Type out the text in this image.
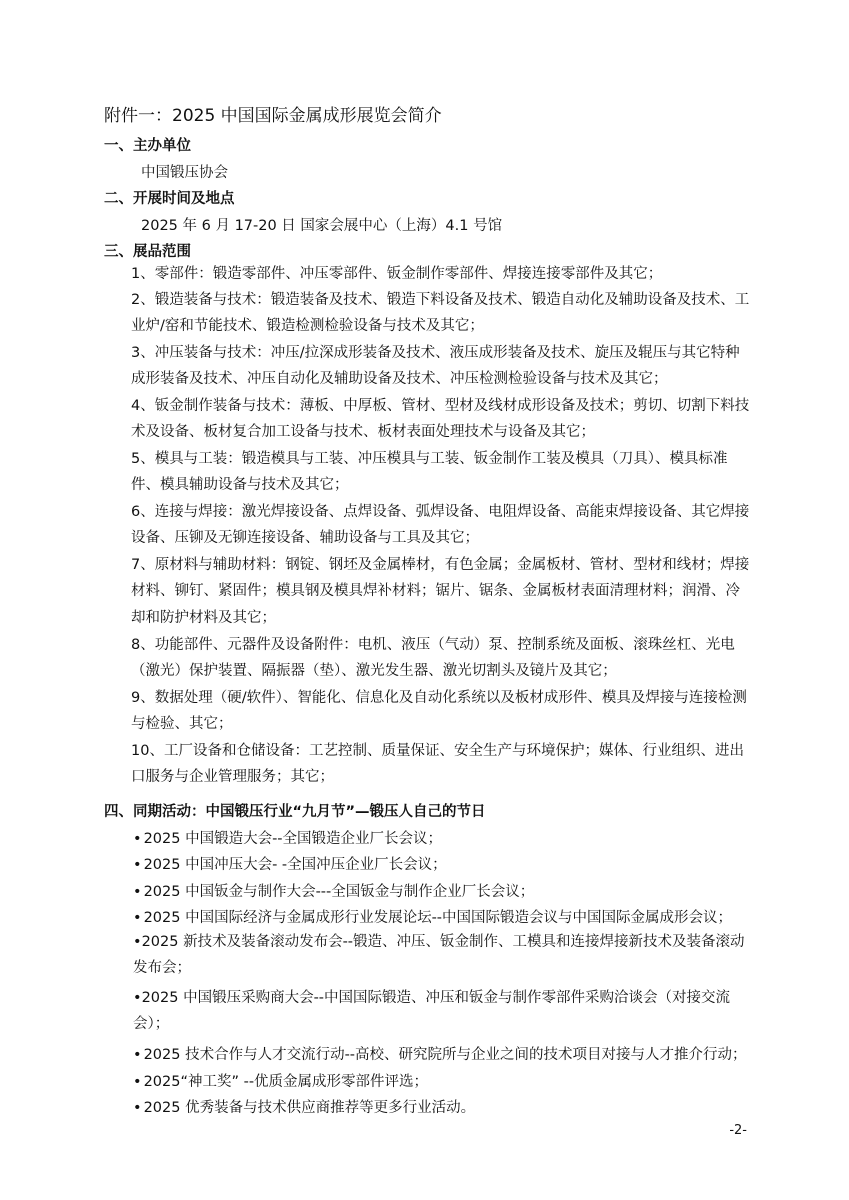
附件一：2025 中国国际金属成形展览会简介
一、主办单位
中国锻压协会
二、开展时间及地点
2025 年 6 月 17-20 日 国家会展中心（上海）4.1 号馆
三、展品范围
1、零部件：锻造零部件、冲压零部件、钣金制作零部件、焊接连接零部件及其它；
2、锻造装备与技术：锻造装备及技术、锻造下料设备及技术、锻造自动化及辅助设备及技术、工业炉/窑和节能技术、锻造检测检验设备与技术及其它；
3、冲压装备与技术：冲压/拉深成形装备及技术、液压成形装备及技术、旋压及辊压与其它特种成形装备及技术、冲压自动化及辅助设备及技术、冲压检测检验设备与技术及其它；
4、钣金制作装备与技术：薄板、中厚板、管材、型材及线材成形设备及技术；剪切、切割下料技术及设备、板材复合加工设备与技术、板材表面处理技术与设备及其它；
5、模具与工装：锻造模具与工装、冲压模具与工装、钣金制作工装及模具（刀具）、模具标准件、模具辅助设备与技术及其它；
6、连接与焊接：激光焊接设备、点焊设备、弧焊设备、电阻焊设备、高能束焊接设备、其它焊接设备、压铆及无铆连接设备、辅助设备与工具及其它；
7、原材料与辅助材料：钢锭、钢坯及金属棒材，有色金属；金属板材、管材、型材和线材；焊接材料、铆钉、紧固件；模具钢及模具焊补材料；锯片、锯条、金属板材表面清理材料；润滑、冷却和防护材料及其它；
8、功能部件、元器件及设备附件：电机、液压（气动）泵、控制系统及面板、滚珠丝杠、光电（激光）保护装置、隔振器（垫）、激光发生器、激光切割头及镜片及其它；
9、数据处理（硬/软件）、智能化、信息化及自动化系统以及板材成形件、模具及焊接与连接检测与检验、其它；
10、工厂设备和仓储设备：工艺控制、质量保证、安全生产与环境保护；媒体、行业组织、进出口服务与企业管理服务；其它；
四、同期活动：中国锻压行业“九月节”—锻压人自己的节日
• 2025 中国锻造大会--全国锻造企业厂长会议；
• 2025 中国冲压大会- -全国冲压企业厂长会议；
• 2025 中国钣金与制作大会---全国钣金与制作企业厂长会议；
• 2025 中国国际经济与金属成形行业发展论坛--中国国际锻造会议与中国国际金属成形会议；
•2025 新技术及装备滚动发布会--锻造、冲压、钣金制作、工模具和连接焊接新技术及装备滚动发布会；
•2025 中国锻压采购商大会--中国国际锻造、冲压和钣金与制作零部件采购洽谈会（对接交流会）；
• 2025 技术合作与人才交流行动--高校、研究院所与企业之间的技术项目对接与人才推介行动；
• 2025“神工奖” --优质金属成形零部件评选；
• 2025 优秀装备与技术供应商推荐等更多行业活动。
-2-
